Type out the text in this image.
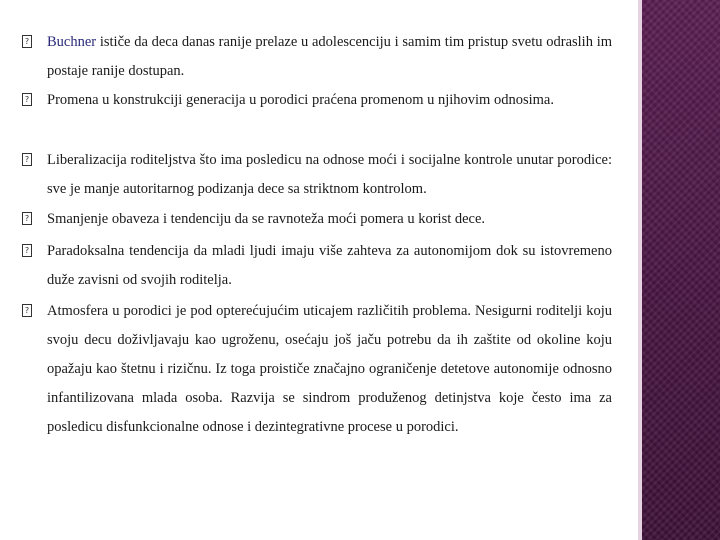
? Buchner ističe da deca danas ranije prelaze u adolescenciju i samim tim pristup svetu odraslih im postaje ranije dostupan.
? Promena u konstrukciji generacija u porodici praćena promenom u njihovim odnosima.
? Liberalizacija roditeljstva što ima posledicu na odnose moći i socijalne kontrole unutar porodice: sve je manje autoritarnog podizanja dece sa striktnom kontrolom.
? Smanjenje obaveza i tendenciju da se ravnoteža moći pomera u korist dece.
? Paradoksalna tendencija da mladi ljudi imaju više zahteva za autonomijom dok su istovremeno duže zavisni od svojih roditelja.
? Atmosfera u porodici je pod opterećujućim uticajem različitih problema. Nesigurni roditelji koju svoju decu doživljavaju kao ugroženu, osećaju još jaču potrebu da ih zaštite od okoline koju opažaju kao štetnu i rizičnu. Iz toga proističe značajno ograničenje detetove autonomije odnosno infantilizovana mlada osoba. Razvija se sindrom produženog detinjstva koje često ima za posledicu disfunkcionalne odnose i dezintegrativne procese u porodici.
